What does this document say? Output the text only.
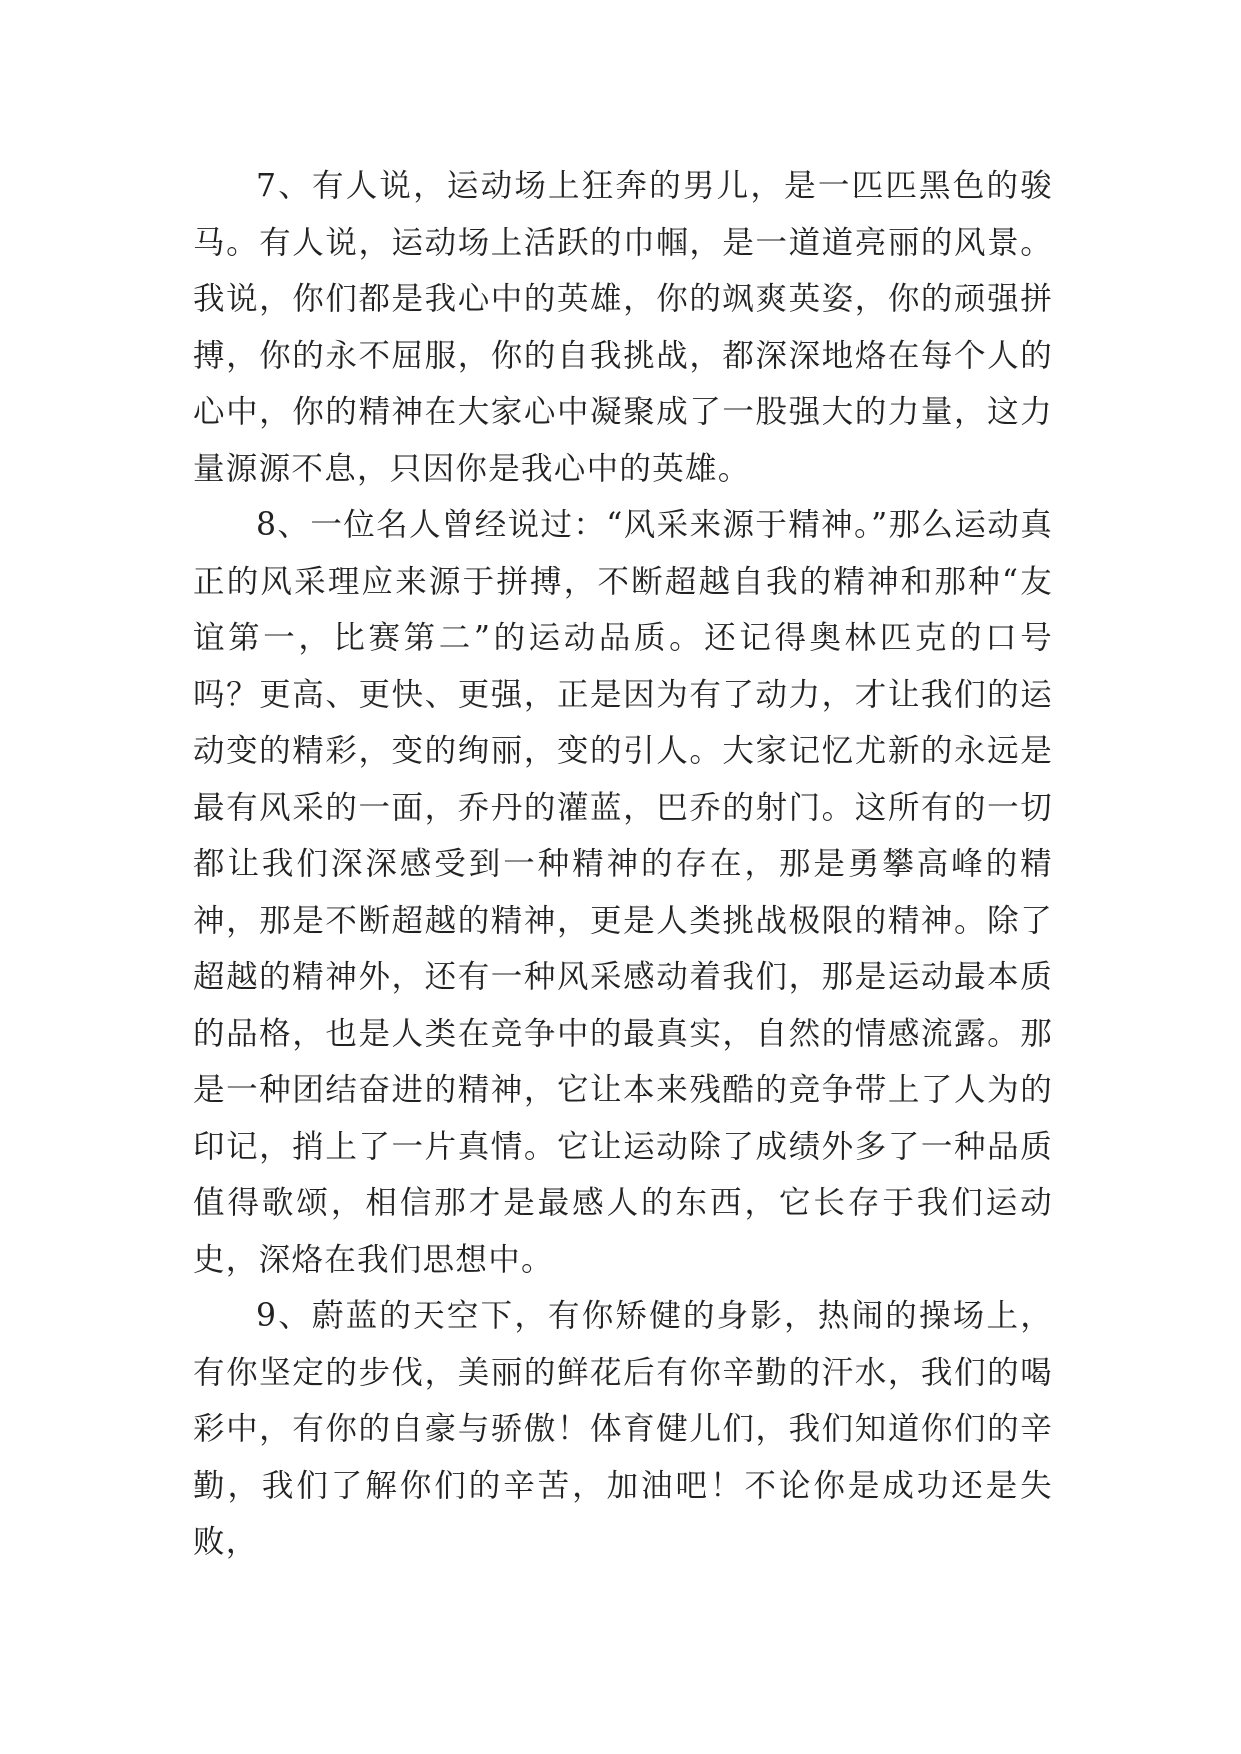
7、有人说，运动场上狂奔的男儿，是一匹匹黑色的骏马。有人说，运动场上活跃的巾帼，是一道道亮丽的风景。我说，你们都是我心中的英雄，你的飒爽英姿，你的顽强拼搏，你的永不屈服，你的自我挑战，都深深地烙在每个人的心中，你的精神在大家心中凝聚成了一股强大的力量，这力量源源不息，只因你是我心中的英雄。

8、一位名人曾经说过：“风采来源于精神。”那么运动真正的风采理应来源于拼搏，不断超越自我的精神和那种“友谊第一，比赛第二”的运动品质。还记得奥林匹克的口号吗？更高、更快、更强，正是因为有了动力，才让我们的运动变的精彩，变的绚丽，变的引人。大家记忆尤新的永远是最有风采的一面，乔丹的灌蓝，巴乔的射门。这所有的一切都让我们深深感受到一种精神的存在，那是勇攀高峰的精神，那是不断超越的精神，更是人类挑战极限的精神。除了超越的精神外，还有一种风采感动着我们，那是运动最本质的品格，也是人类在竞争中的最真实，自然的情感流露。那是一种团结奋进的精神，它让本来残酷的竞争带上了人为的印记，捎上了一片真情。它让运动除了成绩外多了一种品质值得歌颂，相信那才是最感人的东西，它长存于我们运动史，深烙在我们思想中。

9、蔚蓝的天空下，有你矫健的身影，热闹的操场上，有你坚定的步伐，美丽的鲜花后有你辛勤的汗水，我们的喝彩中，有你的自豪与骄傲！体育健儿们，我们知道你们的辛勤，我们了解你们的辛苦，加油吧！不论你是成功还是失败，
